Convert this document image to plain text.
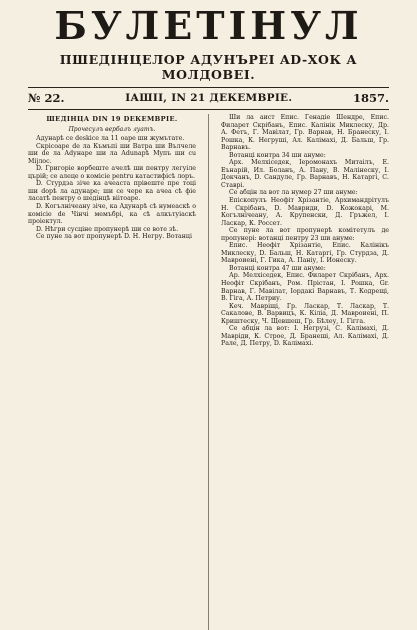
БУЛЕТIНУЛ
ПШЕДIНЦЕЛОР АДУНЪРЕI AD-ХОК А МОЛДОВЕI.
№ 22.	IАШII, IN 21 ДЕКЕМВРIЕ.	1857.
ШЕДIНЦА DIN 19 DЕКЕМВРIЕ.
Прочесулъ вербалъ луатъ.

Адунарѣ се deskiсе ла 11 оаре ши жумътате.

Скрiсоаре de ла Къмъпi ши Ватра ши Вълчеле ши de ла Аdунаре ши ла Аdunарѣ Мyпъ ши cu Мijлос.

D. Григорie ворбеште ачелѣ ши пентру легуiле църiй; се алеце о комiсiе pentru катастифiсѣ лоръ.

D. Стурдза зiче ка ачеаста прiвеште пре тоцi ши dорѣ ла адунаре; ши се чере ка ачеа сѣ фiе ласатѣ пентру о шедiнцѣ вiiтоаре.

D. Когълнiчеану зiче, ка Адунарѣ сѣ нумеаскѣ о комiсiе de Чiнчi мемъбрi, ка сѣ алкътуiаскѣ проiектул.

D. Нѣгри сусцiне пропунерѣ ши се воте зѣ.

Се пуне ла вот пропунерѣ D. Н. Негру. Вотанцi

Ши ла аист Епис. Генадiе Шендрe, Епис. Филарет Скрiбанъ, Епис. Калiнiк Миклеску, Др. А. Фетъ, Г. Мавiлат, Гр. Варнав, Н. Бранеску, I. Рошка, К. Негрушi, Ал. Калiмахi, Д. Бальш, Гр. Варнавъ.

Вотанцi контра 34 ши анумe:

Арх. Мелхiседек, Iеромонахъ Митаiлъ, Е. Еънарiй, Ил. Боланъ, А. Пану, В. Малiнеску, I. Докчанъ, D. Сандуле, Гр. Варнавъ, Н. Катаргi, С. Ставрi.

Се абцiн ла вот ла нумер 27 ши анумe:

Епiскопулъ Неофiт Хрiзантiе, Архимандрiтулъ Н. Скрiбанъ, D. Мавриди, D. Кожокарi, М. Когълнiчеану, А. Крупенски, Д. Гръжел, I. Ласкар, К. Россет.

Се пуне ла вот пропунерѣ комiтетулъ де пропунерi: вотанцi пентру 23 ши анумe:

Епис. Неофiт Хрiзантiе, Епис. Калiнiкъ Миклеску, D. Бальш, Н. Катаргi, Гр. Стурдза, Д. Мавроиенi, Г. Гика, А. Панiу, I. Ионеску.

Вотанцi контра 47 ши анумe:

Ар. Мелхiседек, Епис. Филарет Скрiбанъ, Арх. Неофiт Скрiбанъ, Ром. Прiстан, I. Рошка, Gr. Варнав, Г. Мавiлат, Iордакi Варнавъ, Т. Кодрещi, В. Гiга, А. Петриу.

Кеч. Маврiщi, Гр. Ласкар, Т. Ласкар, Т. Сакалове, В. Варвицъ, К. Кiлiа, Д. Мавроиенi, П. Криштеску, Ч. Щевшеш, Гр. Бѣлеу, I. Гiгга.

Се абцiн ла вот: I. Негрузi, С. Калiмахi, Д. Маврiди, К. Строе, Д. Бранешi, Ал. Калiмахi, Д. Рале, Д. Петру, D. Калiмахi.
